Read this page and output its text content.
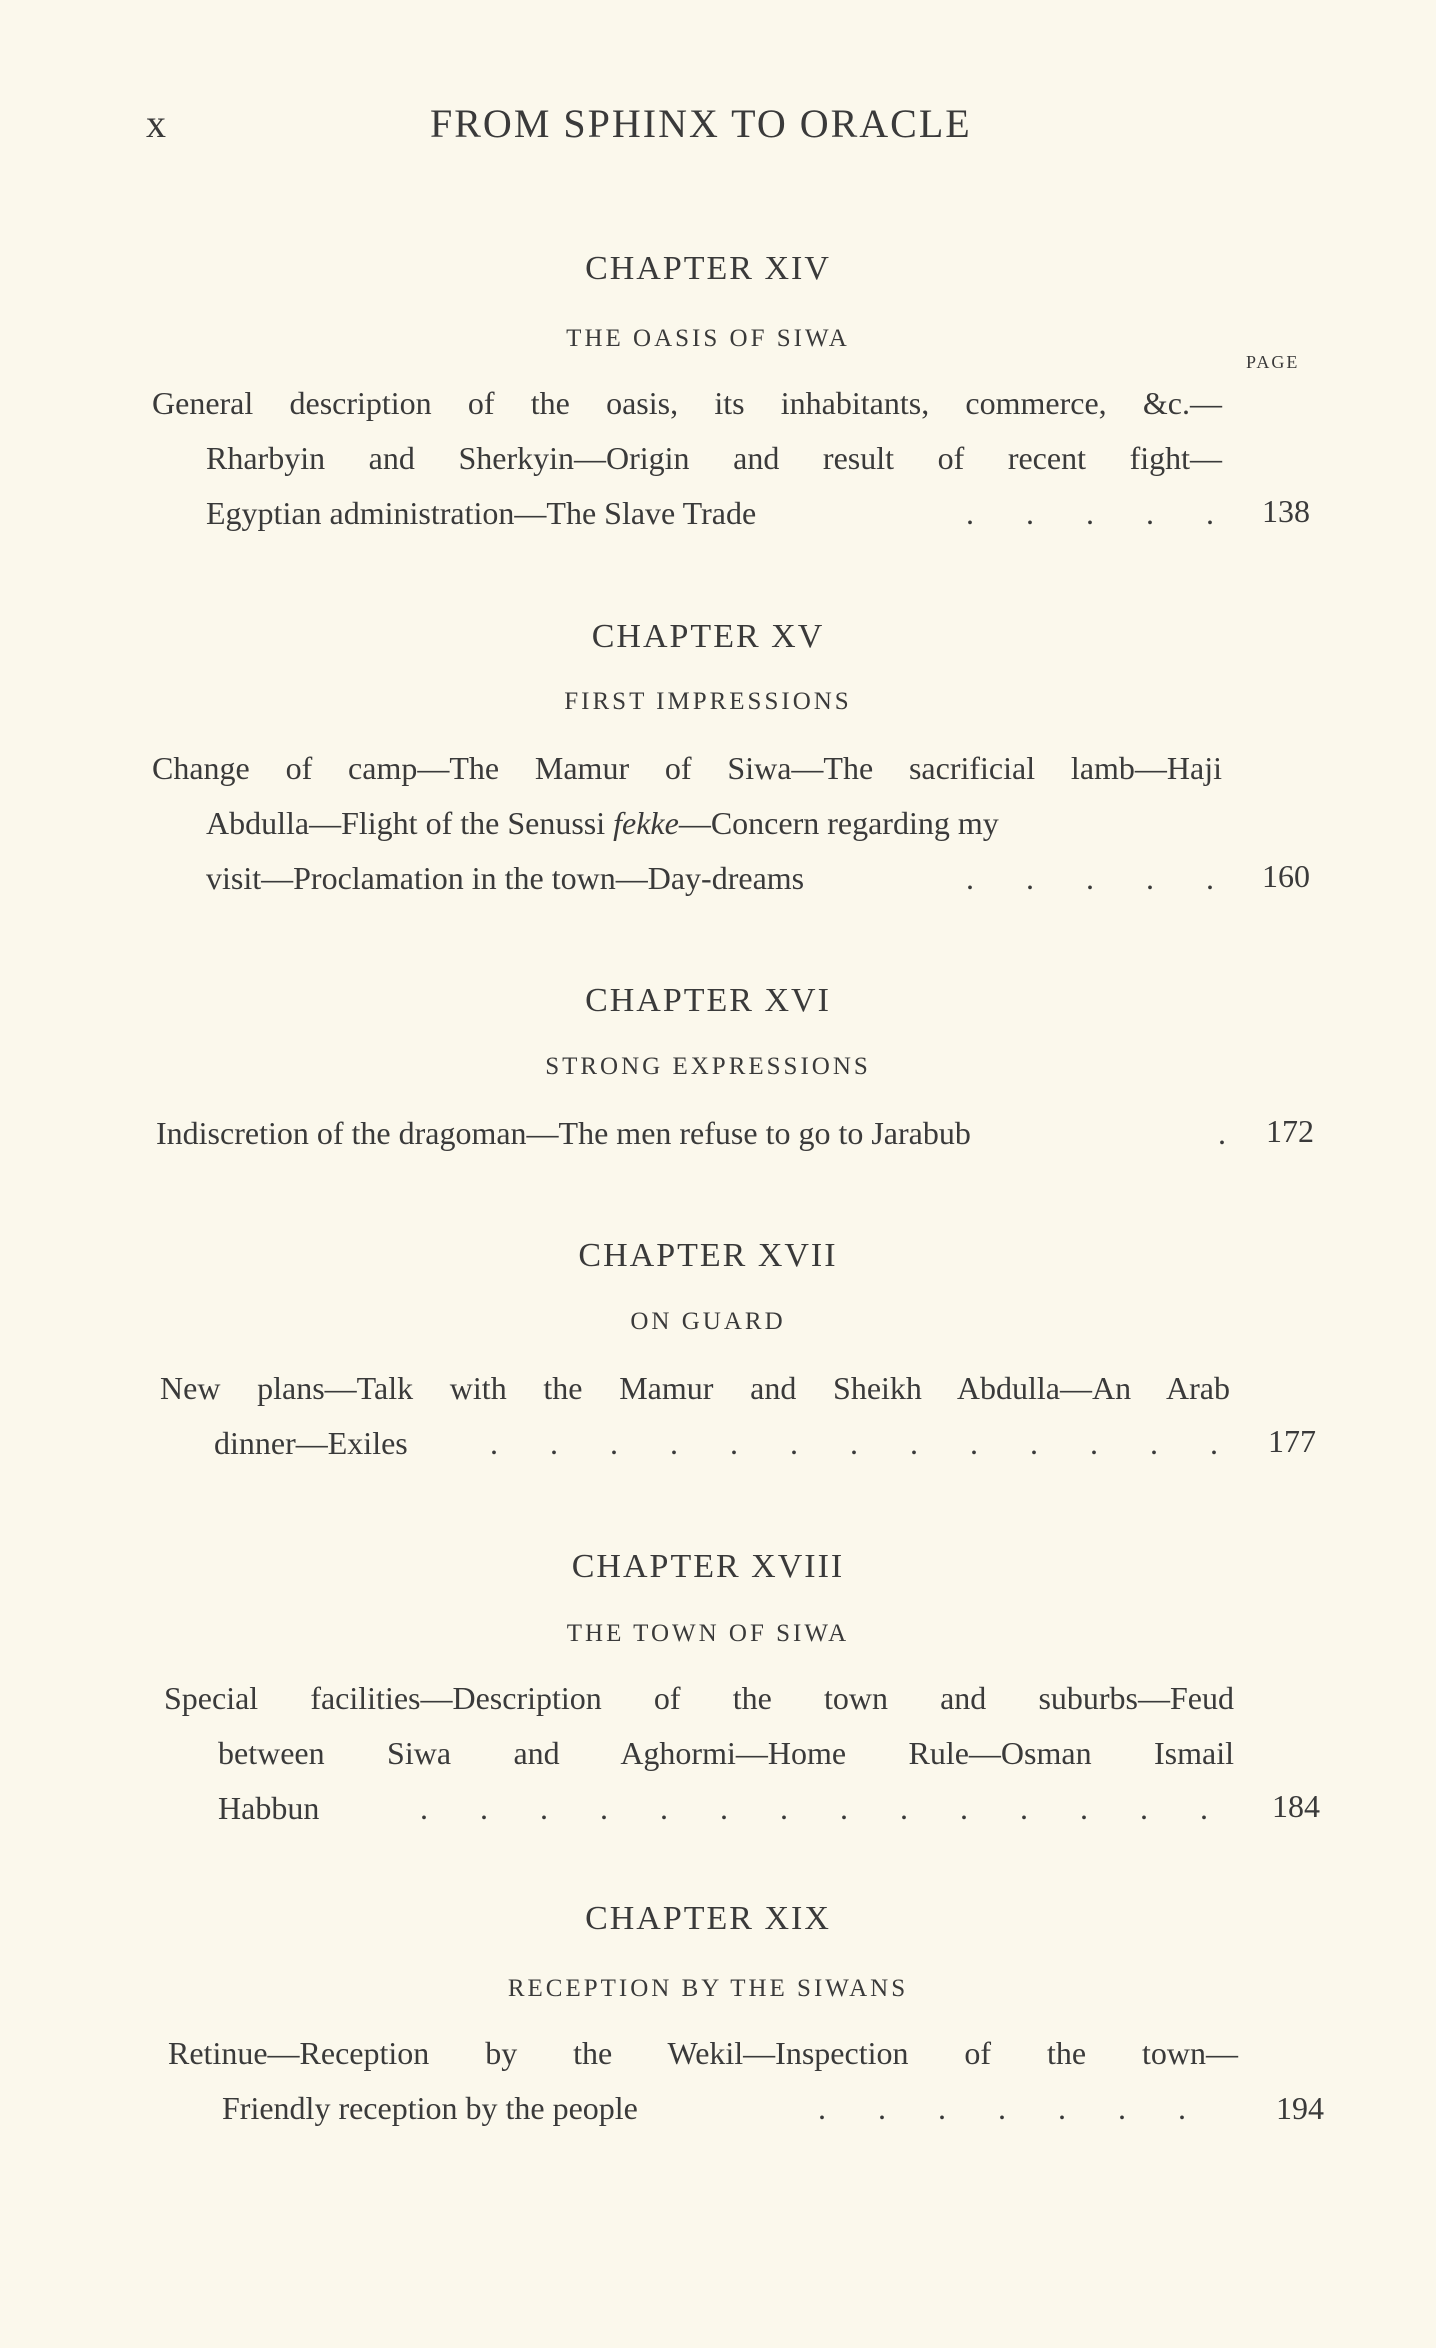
x	FROM SPHINX TO ORACLE
CHAPTER XIV
THE OASIS OF SIWA
PAGE
General description of the oasis, its inhabitants, commerce, &c.—
Rharbyin and Sherkyin—Origin and result of recent fight—
Egyptian administration—The Slave Trade	. . . . . 138
CHAPTER XV
FIRST IMPRESSIONS
Change of camp—The Mamur of Siwa—The sacrificial lamb—Haji
Abdulla—Flight of the Senussi fekke—Concern regarding my
visit—Proclamation in the town—Day-dreams	. . . . . 160
CHAPTER XVI
STRONG EXPRESSIONS
Indiscretion of the dragoman—The men refuse to go to Jarabub	. 172
CHAPTER XVII
ON GUARD
New plans—Talk with the Mamur and Sheikh Abdulla—An Arab
dinner—Exiles	. . . . . . . . . . . . . 177
CHAPTER XVIII
THE TOWN OF SIWA
Special facilities—Description of the town and suburbs—Feud
between Siwa and Aghormi—Home Rule—Osman Ismail
Habbun	. . . . . . . . . . . . . . 184
CHAPTER XIX
RECEPTION BY THE SIWANS
Retinue—Reception by the Wekil—Inspection of the town—
Friendly reception by the people	. . . . . . . 194
